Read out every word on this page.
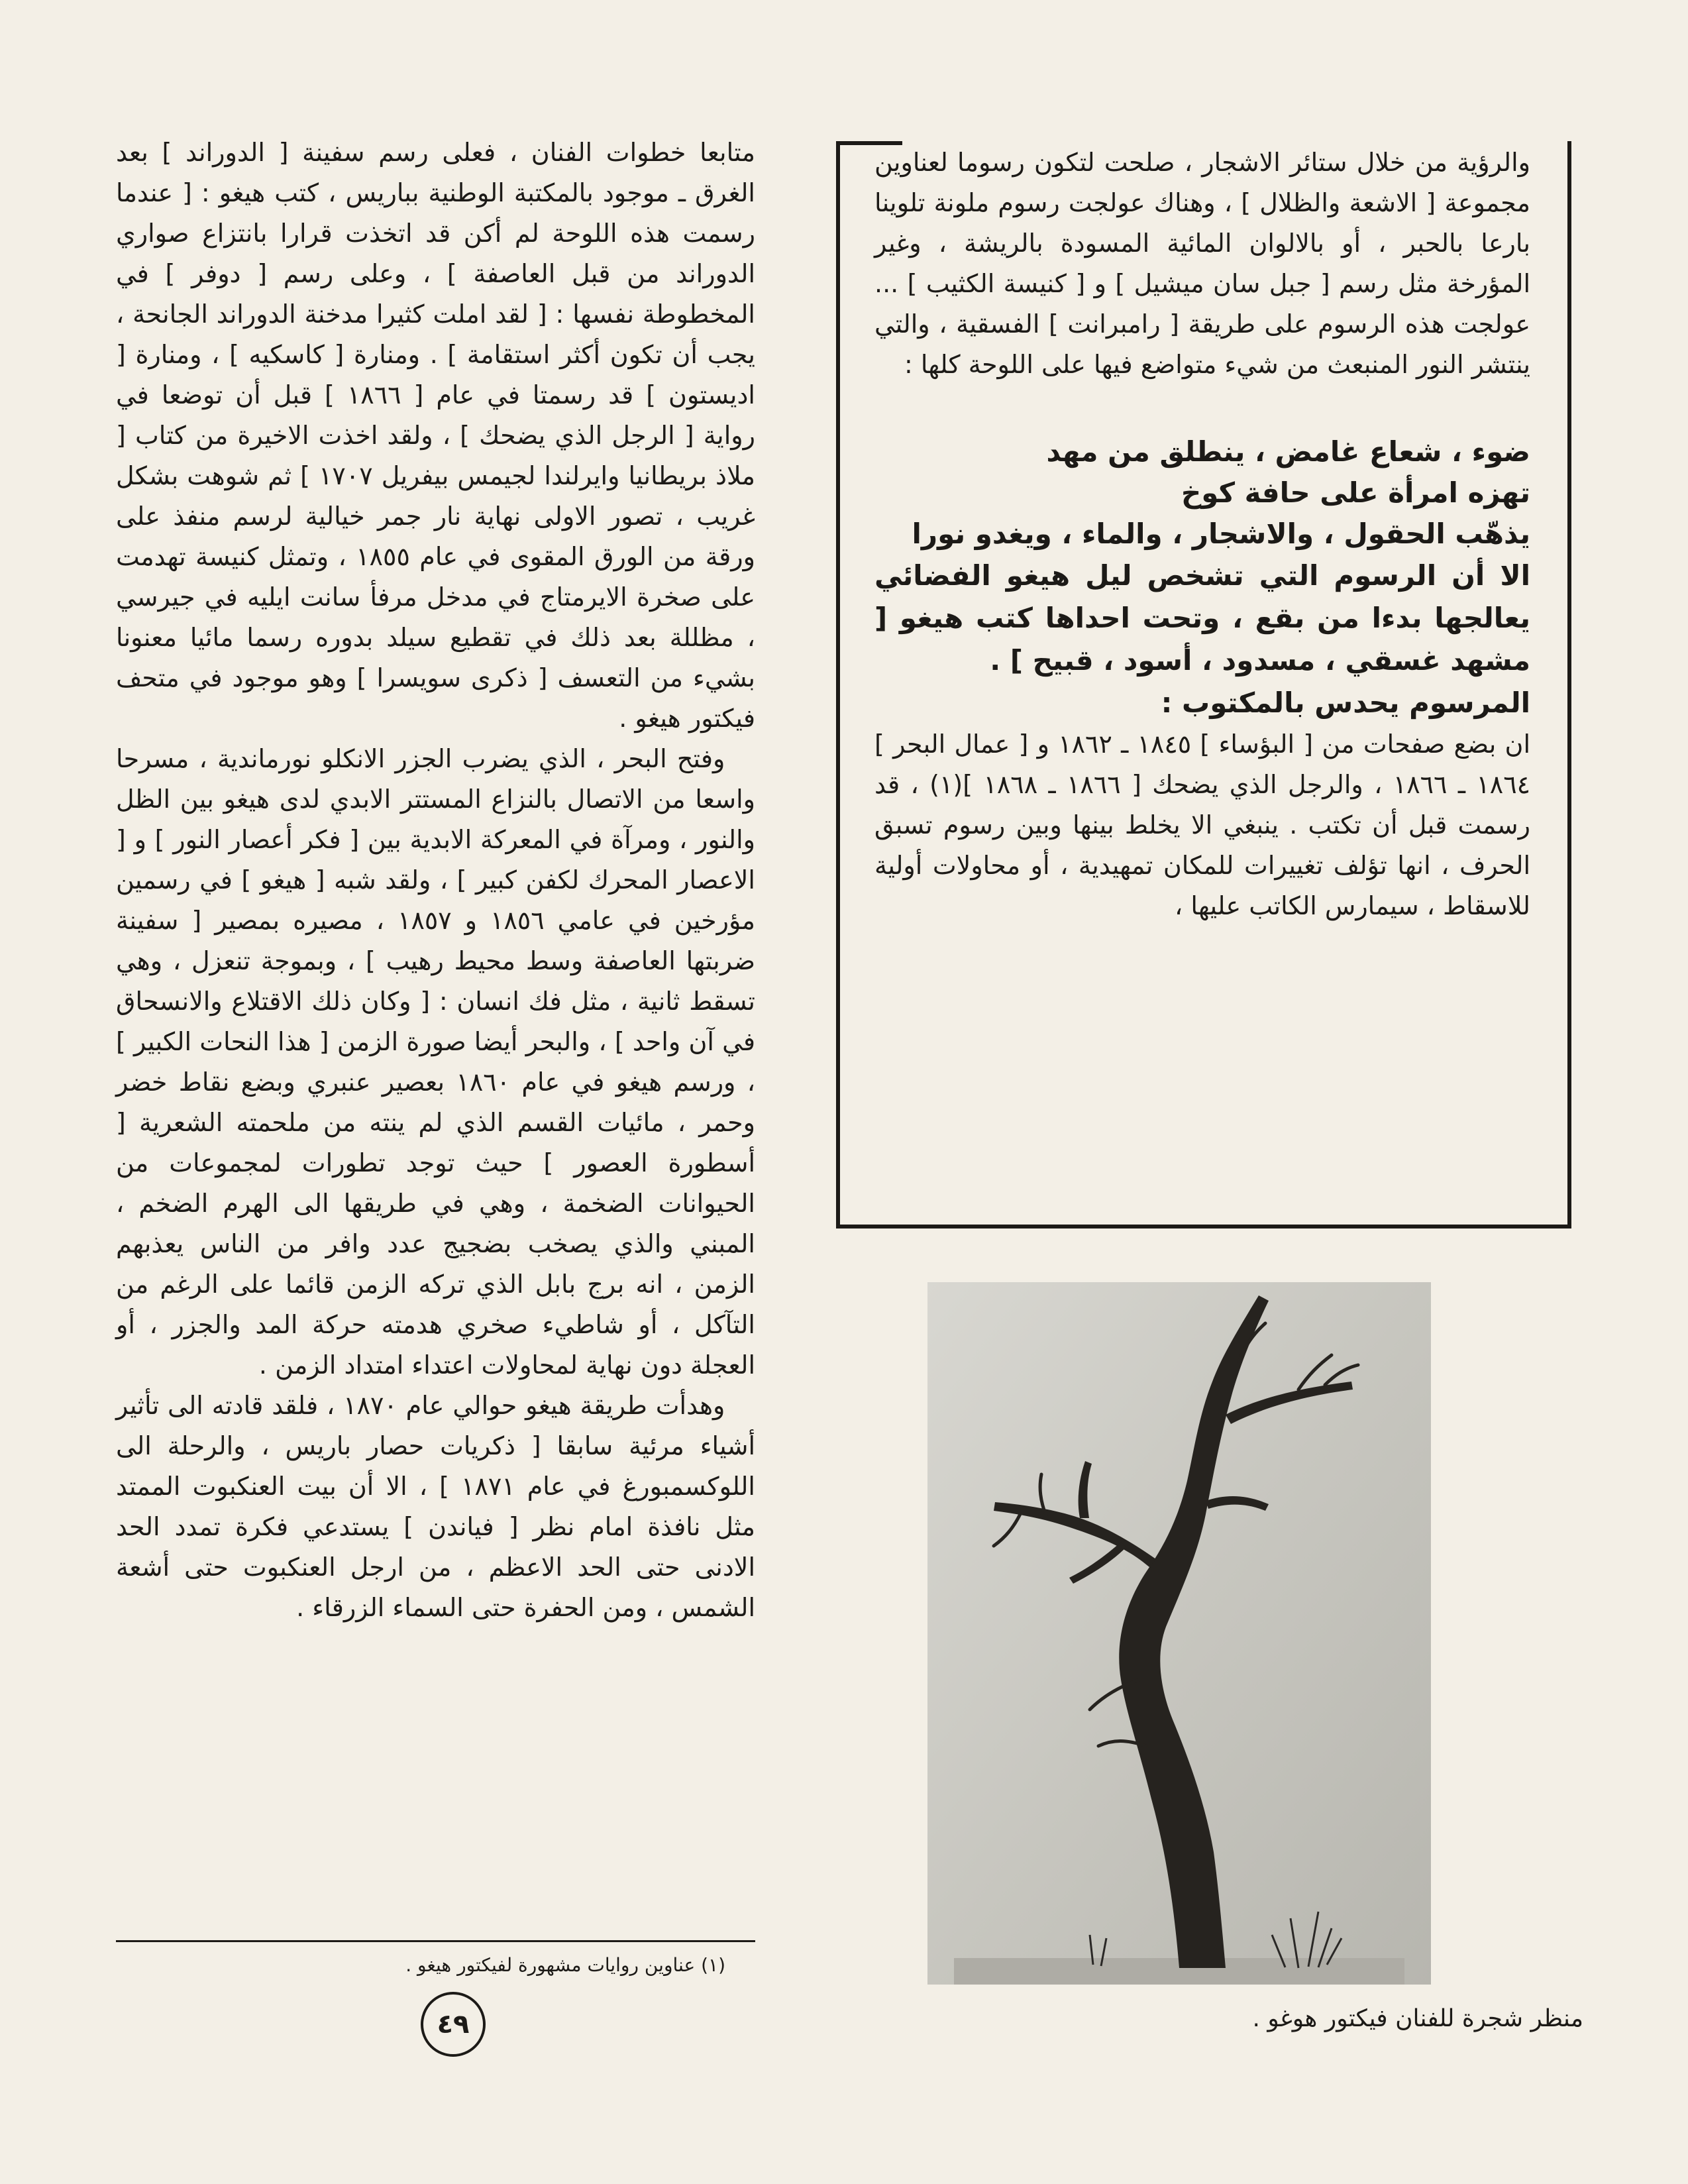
متابعا خطوات الفنان ، فعلى رسم سفينة [ الدوراند ] بعد الغرق ـ موجود بالمكتبة الوطنية بباريس ، كتب هيغو : [ عندما رسمت هذه اللوحة لم أكن قد اتخذت قرارا بانتزاع صواري الدوراند من قبل العاصفة ] ، وعلى رسم [ دوفر ] في المخطوطة نفسها : [ لقد املت كثيرا مدخنة الدوراند الجانحة ، يجب أن تكون أكثر استقامة ] . ومنارة [ كاسكيه ] ، ومنارة [ اديستون ] قد رسمتا في عام [ ١٨٦٦ ] قبل أن توضعا في رواية [ الرجل الذي يضحك ] ، ولقد اخذت الاخيرة من كتاب [ ملاذ بريطانيا وايرلندا لجيمس بيفريل ١٧٠٧ ] ثم شوهت بشكل غريب ، تصور الاولى نهاية نار جمر خيالية لرسم منفذ على ورقة من الورق المقوى في عام ١٨٥٥ ، وتمثل كنيسة تهدمت على صخرة الايرمتاج في مدخل مرفأ سانت ايليه في جيرسي ، مظللة بعد ذلك في تقطيع سيلد بدوره رسما مائيا معنونا بشيء من التعسف [ ذكرى سويسرا ] وهو موجود في متحف فيكتور هيغو .

وفتح البحر ، الذي يضرب الجزر الانكلو نورماندية ، مسرحا واسعا من الاتصال بالنزاع المستتر الابدي لدى هيغو بين الظل والنور ، ومرآة في المعركة الابدية بين [ فكر أعصار النور ] و [ الاعصار المحرك لكفن كبير ] ، ولقد شبه [ هيغو ] في رسمين مؤرخين في عامي ١٨٥٦ و ١٨٥٧ ، مصيره بمصير [ سفينة ضربتها العاصفة وسط محيط رهيب ] ، وبموجة تنعزل ، وهي تسقط ثانية ، مثل فك انسان : [ وكان ذلك الاقتلاع والانسحاق في آن واحد ] ، والبحر أيضا صورة الزمن [ هذا النحات الكبير ] ، ورسم هيغو في عام ١٨٦٠ بعصير عنبري وبضع نقاط خضر وحمر ، مائيات القسم الذي لم ينته من ملحمته الشعرية [ أسطورة العصور ] حيث توجد تطورات لمجموعات من الحيوانات الضخمة ، وهي في طريقها الى الهرم الضخم ، المبني والذي يصخب بضجيج عدد وافر من الناس يعذبهم الزمن ، انه برج بابل الذي تركه الزمن قائما على الرغم من التآكل ، أو شاطيء صخري هدمته حركة المد والجزر ، أو العجلة دون نهاية لمحاولات اعتداء امتداد الزمن .

وهدأت طريقة هيغو حوالي عام ١٨٧٠ ، فلقد قادته الى تأثير أشياء مرئية سابقا [ ذكريات حصار باريس ، والرحلة الى اللوكسمبورغ في عام ١٨٧١ ] ، الا أن بيت العنكبوت الممتد مثل نافذة امام نظر [ فياندن ] يستدعي فكرة تمدد الحد الادنى حتى الحد الاعظم ، من ارجل العنكبوت حتى أشعة الشمس ، ومن الحفرة حتى السماء الزرقاء .

(١) عناوين روايات مشهورة لفيكتور هيغو .
٤٩

والرؤية من خلال ستائر الاشجار ، صلحت لتكون رسوما لعناوين مجموعة [ الاشعة والظلال ] ، وهناك عولجت رسوم ملونة تلوينا بارعا بالحبر ، أو بالالوان المائية المسودة بالريشة ، وغير المؤرخة مثل رسم [ جبل سان ميشيل ] و [ كنيسة الكثيب ] ... عولجت هذه الرسوم على طريقة [ رامبرانت ] الفسقية ، والتي ينتشر النور المنبعث من شيء متواضع فيها على اللوحة كلها :

ضوء ، شعاع غامض ، ينطلق من مهد
تهزه امرأة على حافة كوخ
يذهّب الحقول ، والاشجار ، والماء ، ويغدو نورا

الا أن الرسوم التي تشخص ليل هيغو الفضائي يعالجها بدءا من بقع ، وتحت احداها كتب هيغو [ مشهد غسقي ، مسدود ، أسود ، قبيح ] .

المرسوم يحدس بالمكتوب :

ان بضع صفحات من [ البؤساء ] ١٨٤٥ ـ ١٨٦٢ و [ عمال البحر ] ١٨٦٤ ـ ١٨٦٦ ، والرجل الذي يضحك [ ١٨٦٦ ـ ١٨٦٨ ](١) ، قد رسمت قبل أن تكتب . ينبغي الا يخلط بينها وبين رسوم تسبق الحرف ، انها تؤلف تغييرات للمكان تمهيدية ، أو محاولات أولية للاسقاط ، سيمارس الكاتب عليها ،

منظر شجرة للفنان فيكتور هوغو .
